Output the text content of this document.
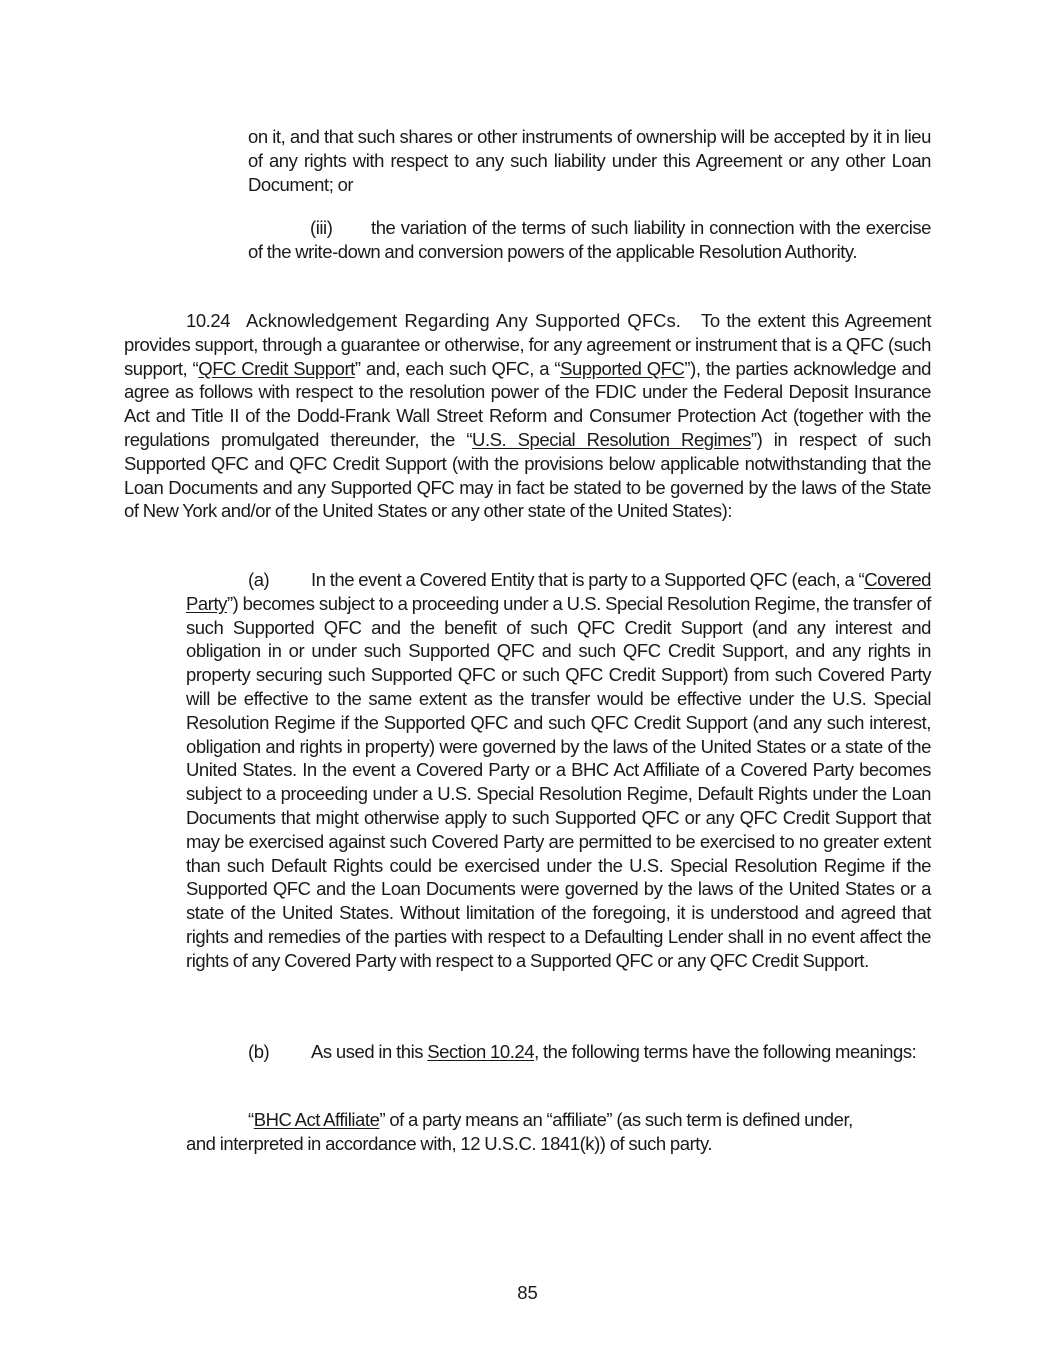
on it, and that such shares or other instruments of ownership will be accepted by it in lieu of any rights with respect to any such liability under this Agreement or any other Loan Document; or

(iii) the variation of the terms of such liability in connection with the exercise of the write-down and conversion powers of the applicable Resolution Authority.

10.24 Acknowledgement Regarding Any Supported QFCs. To the extent this Agreement provides support, through a guarantee or otherwise, for any agreement or instrument that is a QFC (such support, “QFC Credit Support” and, each such QFC, a “Supported QFC”), the parties acknowledge and agree as follows with respect to the resolution power of the FDIC under the Federal Deposit Insurance Act and Title II of the Dodd-Frank Wall Street Reform and Consumer Protection Act (together with the regulations promulgated thereunder, the “U.S. Special Resolution Regimes”) in respect of such Supported QFC and QFC Credit Support (with the provisions below applicable notwithstanding that the Loan Documents and any Supported QFC may in fact be stated to be governed by the laws of the State of New York and/or of the United States or any other state of the United States):

(a) In the event a Covered Entity that is party to a Supported QFC (each, a “Covered Party”) becomes subject to a proceeding under a U.S. Special Resolution Regime, the transfer of such Supported QFC and the benefit of such QFC Credit Support (and any interest and obligation in or under such Supported QFC and such QFC Credit Support, and any rights in property securing such Supported QFC or such QFC Credit Support) from such Covered Party will be effective to the same extent as the transfer would be effective under the U.S. Special Resolution Regime if the Supported QFC and such QFC Credit Support (and any such interest, obligation and rights in property) were governed by the laws of the United States or a state of the United States. In the event a Covered Party or a BHC Act Affiliate of a Covered Party becomes subject to a proceeding under a U.S. Special Resolution Regime, Default Rights under the Loan Documents that might otherwise apply to such Supported QFC or any QFC Credit Support that may be exercised against such Covered Party are permitted to be exercised to no greater extent than such Default Rights could be exercised under the U.S. Special Resolution Regime if the Supported QFC and the Loan Documents were governed by the laws of the United States or a state of the United States. Without limitation of the foregoing, it is understood and agreed that rights and remedies of the parties with respect to a Defaulting Lender shall in no event affect the rights of any Covered Party with respect to a Supported QFC or any QFC Credit Support.

(b) As used in this Section 10.24, the following terms have the following meanings:

“BHC Act Affiliate” of a party means an “affiliate” (as such term is defined under, and interpreted in accordance with, 12 U.S.C. 1841(k)) of such party.

85
